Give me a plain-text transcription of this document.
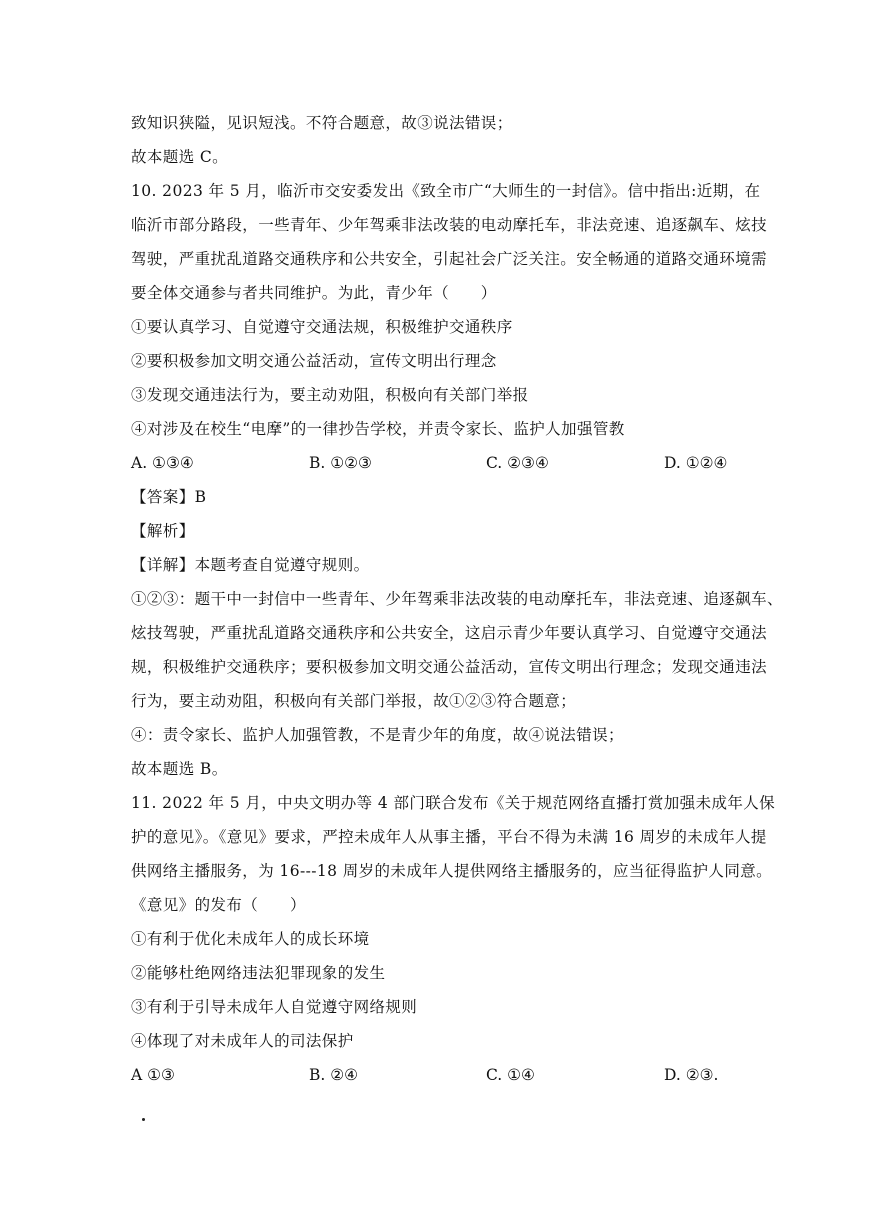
致知识狭隘，见识短浅。不符合题意，故③说法错误；
故本题选 C。
10. 2023 年 5 月，临沂市交安委发出《致全市广“大师生的一封信》。信中指出:近期，在
临沂市部分路段，一些青年、少年驾乘非法改装的电动摩托车，非法竞速、追逐飙车、炫技
驾驶，严重扰乱道路交通秩序和公共安全，引起社会广泛关注。安全畅通的道路交通环境需
要全体交通参与者共同维护。为此，青少年（　　）
①要认真学习、自觉遵守交通法规，积极维护交通秩序
②要积极参加文明交通公益活动，宣传文明出行理念
③发现交通违法行为，要主动劝阻，积极向有关部门举报
④对涉及在校生“电摩”的一律抄告学校，并责令家长、监护人加强管教
A. ①③④	B. ①②③	C. ②③④	D. ①②④
【答案】B
【解析】
【详解】本题考查自觉遵守规则。
①②③：题干中一封信中一些青年、少年驾乘非法改装的电动摩托车，非法竞速、追逐飙车、
炫技驾驶，严重扰乱道路交通秩序和公共安全，这启示青少年要认真学习、自觉遵守交通法
规，积极维护交通秩序；要积极参加文明交通公益活动，宣传文明出行理念；发现交通违法
行为，要主动劝阻，积极向有关部门举报，故①②③符合题意；
④：责令家长、监护人加强管教，不是青少年的角度，故④说法错误；
故本题选 B。
11. 2022 年 5 月，中央文明办等 4 部门联合发布《关于规范网络直播打赏加强未成年人保
护的意见》。《意见》要求，严控未成年人从事主播，平台不得为未满 16 周岁的未成年人提
供网络主播服务，为 16---18 周岁的未成年人提供网络主播服务的，应当征得监护人同意。
《意见》的发布（　　）
①有利于优化未成年人的成长环境
②能够杜绝网络违法犯罪现象的发生
③有利于引导未成年人自觉遵守网络规则
④体现了对未成年人的司法保护
A ①③	B. ②④	C. ①④	D. ②③.
